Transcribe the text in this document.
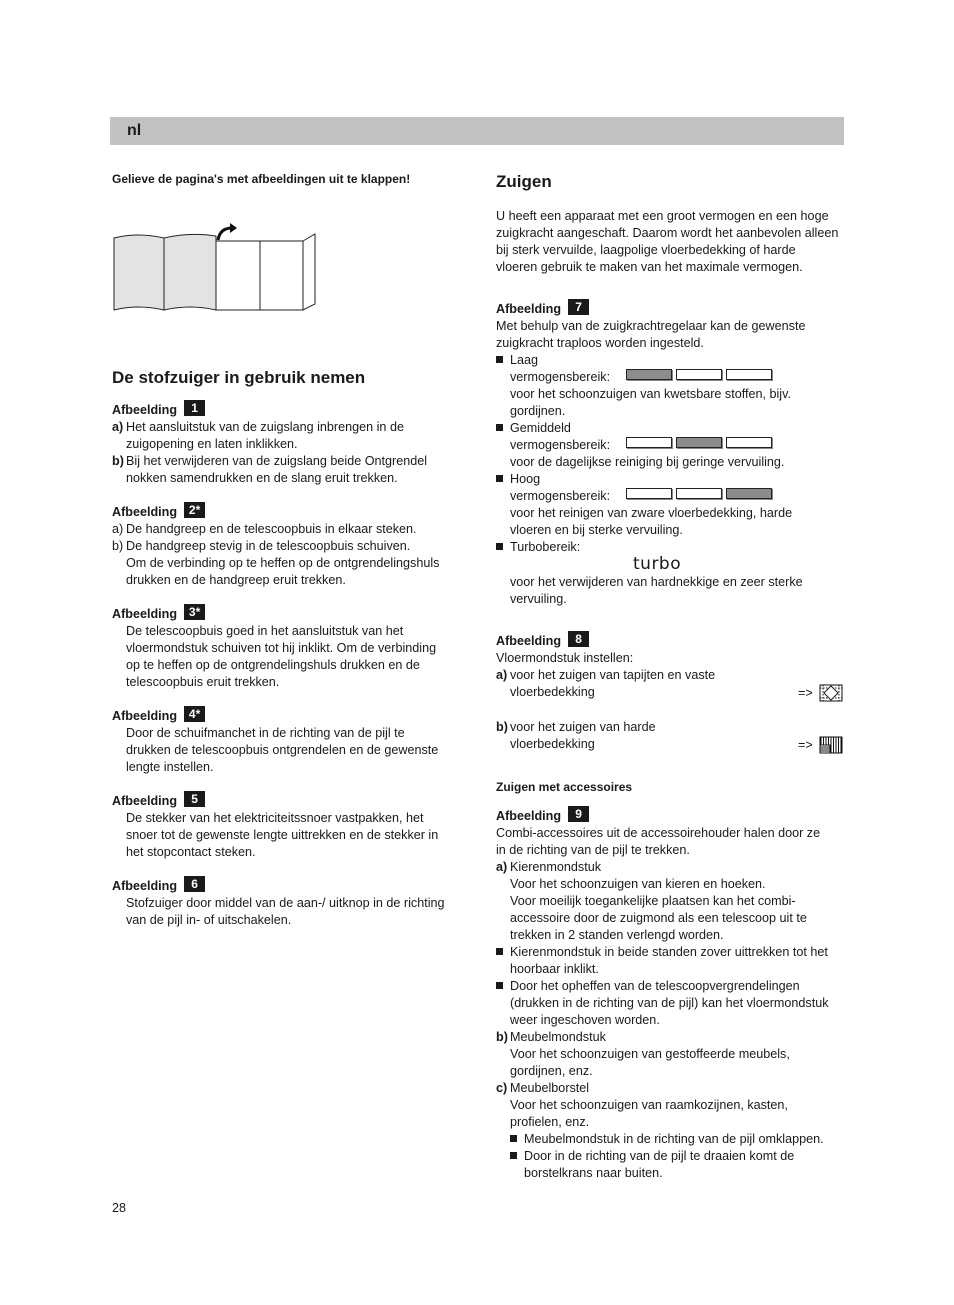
nl
Gelieve de pagina's met afbeeldingen uit te klappen!
De stofzuiger in gebruik nemen
Afbeelding	1
a) Het aansluitstuk van de zuigslang inbrengen in de
zuigopening en laten inklikken.
b) Bij het verwijderen van de zuigslang beide Ontgrendel
nokken samendrukken en de slang eruit trekken.
Afbeelding 2*
a) De handgreep en de telescoopbuis in elkaar steken.
b) De handgreep stevig in de telescoopbuis schuiven.
Om de verbinding op te heffen op de ontgrendelingshuls
drukken en de handgreep eruit trekken.
Afbeelding 3*
De telescoopbuis goed in het aansluitstuk van het
vloermondstuk schuiven tot hij inklikt. Om de verbinding
op te heffen op de ontgrendelingshuls drukken en de
telescoopbuis eruit trekken.
Afbeelding 4*
Door de schuifmanchet in de richting van de pijl te
drukken de telescoopbuis ontgrendelen en de gewenste
lengte instellen.
Afbeelding	5
De stekker van het elektriciteitssnoer vastpakken, het
snoer tot de gewenste lengte uittrekken en de stekker in
het stopcontact steken.
Afbeelding	6
Stofzuiger door middel van de aan-/ uitknop in de richting
van de pijl in- of uitschakelen.
Zuigen
U heeft een apparaat met een groot vermogen en een hoge
zuigkracht aangeschaft. Daarom wordt het aanbevolen alleen
bij sterk vervuilde, laagpolige vloerbedekking of harde
vloeren gebruik te maken van het maximale vermogen.
Afbeelding	7
Met behulp van de zuigkrachtregelaar kan de gewenste
zuigkracht traploos worden ingesteld.
Laag
vermogensbereik:
voor het schoonzuigen van kwetsbare stoffen, bijv.
gordijnen.
Gemiddeld
vermogensbereik:
voor de dagelijkse reiniging bij geringe vervuiling.
Hoog
vermogensbereik:
voor het reinigen van zware vloerbedekking, harde
vloeren en bij sterke vervuiling.
Turbobereik:
turbo
voor het verwijderen van hardnekkige en zeer sterke
vervuiling.
Afbeelding	8
Vloermondstuk instellen:
a) voor het zuigen van tapijten en vaste
vloerbedekking	=>
b) voor het zuigen van harde
vloerbedekking	=>
Zuigen met accessoires
Afbeelding	9
Combi-accessoires uit de accessoirehouder halen door ze
in de richting van de pijl te trekken.
a) Kierenmondstuk
Voor het schoonzuigen van kieren en hoeken.
Voor moeilijk toegankelijke plaatsen kan het combi-
accessoire door de zuigmond als een telescoop uit te
trekken in 2 standen verlengd worden.
Kierenmondstuk in beide standen zover uittrekken tot het
hoorbaar inklikt.
Door het opheffen van de telescoopvergrendelingen
(drukken in de richting van de pijl) kan het vloermondstuk
weer ingeschoven worden.
b) Meubelmondstuk
Voor het schoonzuigen van gestoffeerde meubels,
gordijnen, enz.
c) Meubelborstel
Voor het schoonzuigen van raamkozijnen, kasten,
profielen, enz.
Meubelmondstuk in de richting van de pijl omklappen.
Door in de richting van de pijl te draaien komt de
borstelkrans naar buiten.
28
